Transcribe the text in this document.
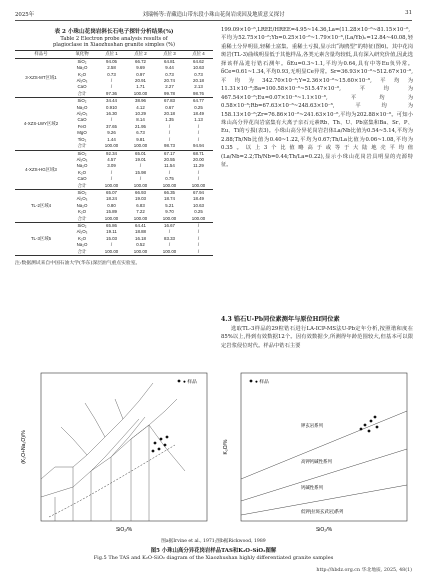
2025年	刘瑞畅等:青藏造山带东段小珠山花岗岩成因及地质意义探讨	31
表 2 小珠山花岗岩斜长石电子探针分析结果(%)
Table 2 Electron probe analysis results of
plagioclase in Xiaozhushan granite simples (%)
样品号	氧化物	点位 1	点位 2	点位 3	点位 4
3-XZS-MT区域1	SiO₂	94.05	66.72	64.81	64.62
	Na₂O	2.58	9.69	9.44	10.63
	K₂O	0.73	0.97	0.73	0.73
	Al₂O₃	/	20.91	20.74	20.18
	CaO	/	1.71	2.27	2.13
	合计	97.36	100.00	99.78	98.76
4-XZS-LWY区域2	SiO₂	34.44	38.96	67.83	64.77
	Na₂O	0.910	4.12	0.67	0.25
	Al₂O₃	16.30	10.29	20.18	18.49
	CaO	/	8.14	1.35	1.13
	FeO	37.65	21.95	/	/
	MgO	9.26	6.73	/	/
	TiO₂	1.44	9.81	/	/
	合计	100.00	100.00	98.73	94.94
4-XZS-HG区域3	SiO₂	92.34	65.01	67.17	68.71
	Al₂O₃	4.57	19.01	20.55	20.00
	Na₂O	3.09	/	11.54	11.29
	K₂O	/	15.98	/	/
	CaO	/	/	0.75	/
	合计	100.00	100.00	100.00	100.00
TL-2区域4	SiO₂	65.07	66.93	66.35	67.94
	Al₂O₃	18.24	19.03	18.74	18.49
	Na₂O	0.80	6.83	5.21	10.63
	K₂O	15.89	7.22	9.70	0.25
	合计	100.00	100.00	100.00	100.00
TL-3区域5	SiO₂	65.86	64.41	16.67	/
	Al₂O₃	19.11	18.88	/	/
	K₂O	15.03	16.18	83.33	/
	Na₂O	/	0.52	/	/
	合计	100.00	100.00	100.00	/
注:数据测试来自中国石油大学(华东)深层油气重点实验室。
199.09×10⁻⁶,LREE/HREE=4.95~14.36,La=(11.28×10⁻⁶~81.15×10⁻⁶,平均为52.75×10⁻⁶;Yb=0.25×10⁻⁶~1.79×10⁻⁶,(La/Yb)ₙ=12.84~40.08,轻重稀土分异明显,轻稀土富集、重稀土亏损,显示出“海鸥型”的特征(图6)。其中花岗斑岩(TL-3)曲线明显低于其他样品,各类元素含量均较低,具有深入研究价值,因此选择该样品进行锆石测年。δEu=0.3~1.1,平均为0.64,具有中等Eu负异常。δCe=0.61~1.34,平均0.93,无明显Ce异常。Sr=36.93×10⁻⁶~512.67×10⁻⁶,平均为342.70×10⁻⁶;Y=2.36×10⁻⁶~15.60×10⁻⁶,平均为11.31×10⁻⁶;Ba=100.58×10⁻⁶~515.47×10⁻⁶,平均为467.54×10⁻⁶;Eu=0.07×10⁻⁶~1.1×10⁻⁶,平均为0.58×10⁻⁶;Rb=67.63×10⁻⁶~248.63×10⁻⁶,平均为158.13×10⁻⁶;Zr=76.86×10⁻⁶~241.63×10⁻⁶,平均为202.88×10⁻⁶。可知小珠山高分异花岗岩富集有大离子亲石元素Rb、Th、U、Pb富集和Ba、Sr、P、Eu、Ti的亏损(表3)。小珠山高分异花岗岩岩体La/Nb比值为0.54~5.14,平均为2.88;Th/Nb比值为0.40~1.22,平均为0.67;Th/La比值为0.06~1.08,平均为0.35。以上3个比值略高于或等于大陆地壳平均值(La/Nb=2.2;Th/Nb=0.44;Th/La=0.22),显示小珠山花岗岩具明显的壳源特征。
4.3 锆石U-Pb同位素测年与原位Hf同位素
选取TL-3样品的29粒锆石进行LA-ICP-MS法U-Pb定年分析,按照谐和度在85%以上,得到有效数据12个。因有效数据少,所测得年龄范围较大,但基本可以限定岩浆侵位时代。样品中锆石主要
● 样品
(K₂O+Na₂O)/%
SiO₂/%
● 样品
钾玄岩系列
高钾钙碱性系列
钙碱性系列
低钾(拉斑玄武岩)系列
K₂O/%
SiO₂/%
图a据Irvine et al., 1971;图b据Rickwood, 1989
图5 小珠山高分异花岗岩样品TAS和K₂O-SiO₂图解
Fig.5 The TAS and K₂O-SiO₂ diagram of the Xiaozhushan highly differentiated granite samples
http://hbdz.org.cn 华北地质, 2025, 48(1)
